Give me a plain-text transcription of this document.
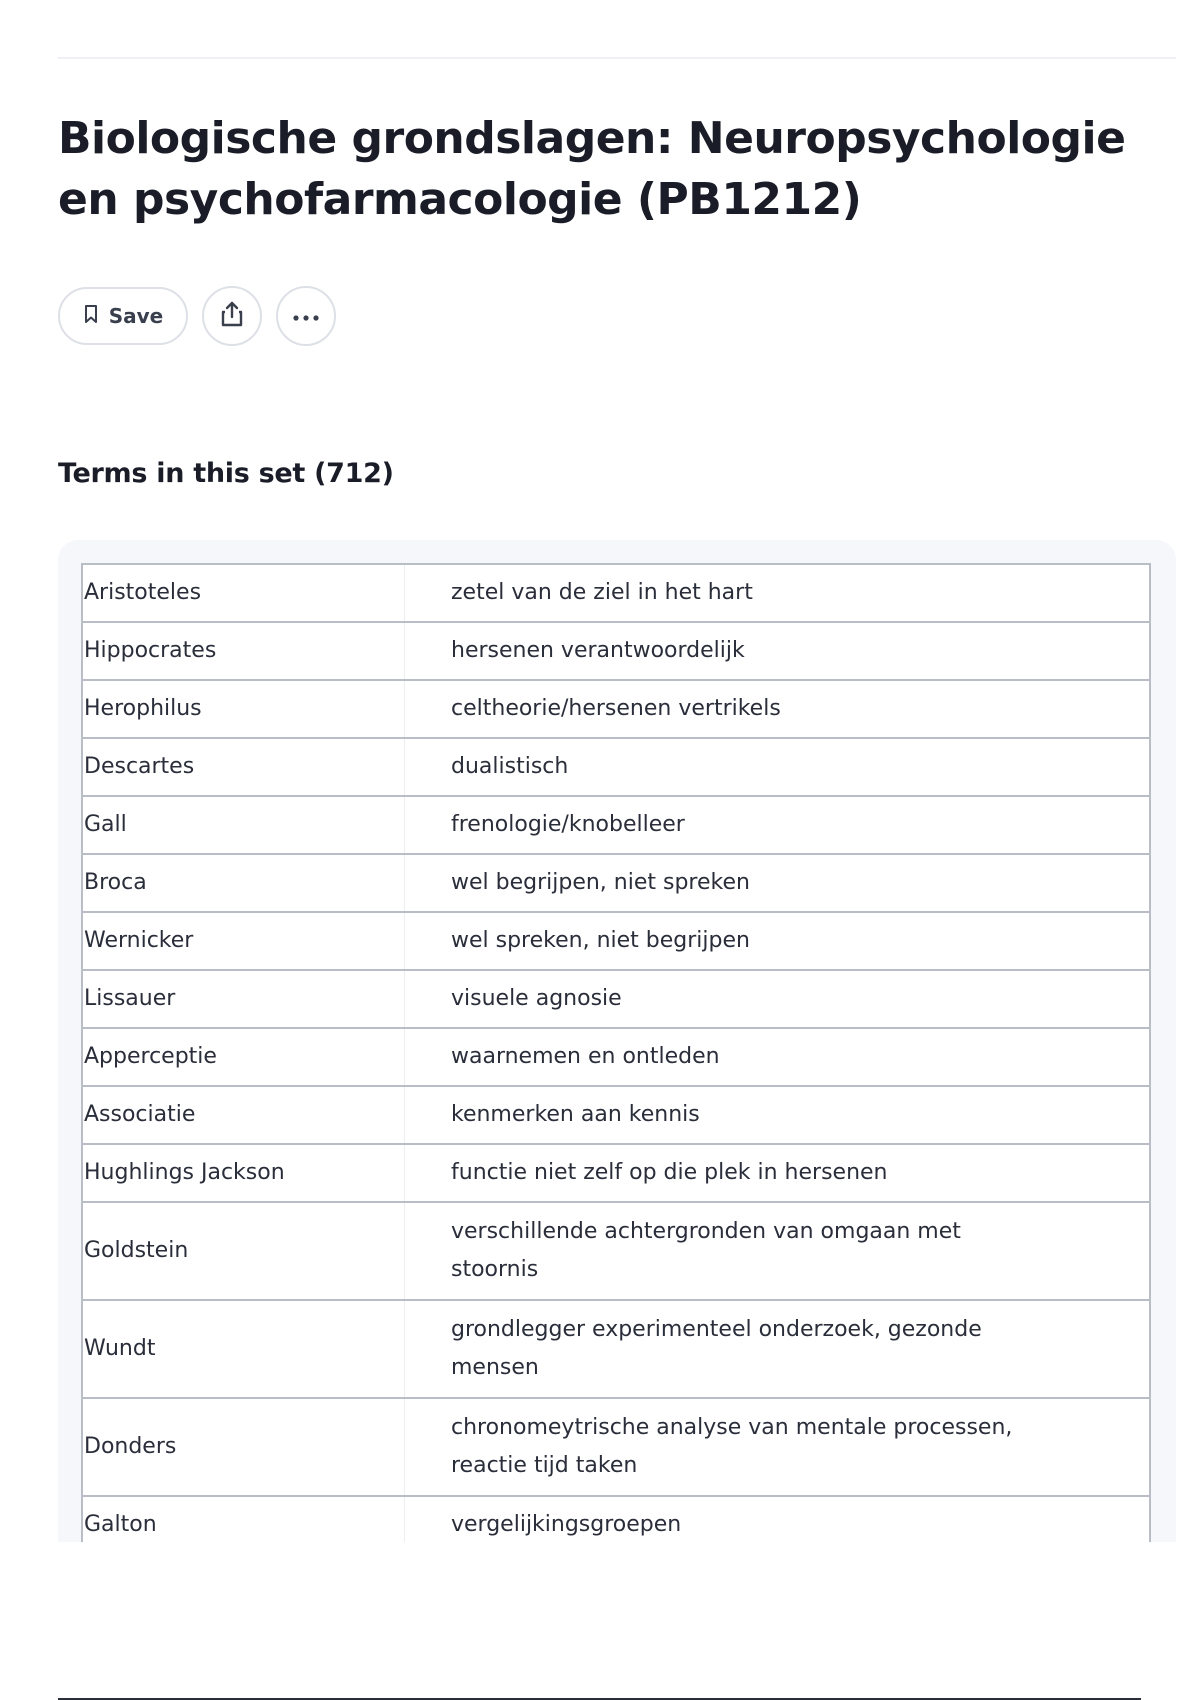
Biologische grondslagen: Neuropsychologie en psychofarmacologie (PB1212)
Save
Terms in this set (712)
Aristoteles	zetel van de ziel in het hart
Hippocrates	hersenen verantwoordelijk
Herophilus	celtheorie/hersenen vertrikels
Descartes	dualistisch
Gall	frenologie/knobelleer
Broca	wel begrijpen, niet spreken
Wernicker	wel spreken, niet begrijpen
Lissauer	visuele agnosie
Apperceptie	waarnemen en ontleden
Associatie	kenmerken aan kennis
Hughlings Jackson	functie niet zelf op die plek in hersenen
Goldstein	verschillende achtergronden van omgaan met stoornis
Wundt	grondlegger experimenteel onderzoek, gezonde mensen
Donders	chronomeytrische analyse van mentale processen, reactie tijd taken
Galton	vergelijkingsgroepen
